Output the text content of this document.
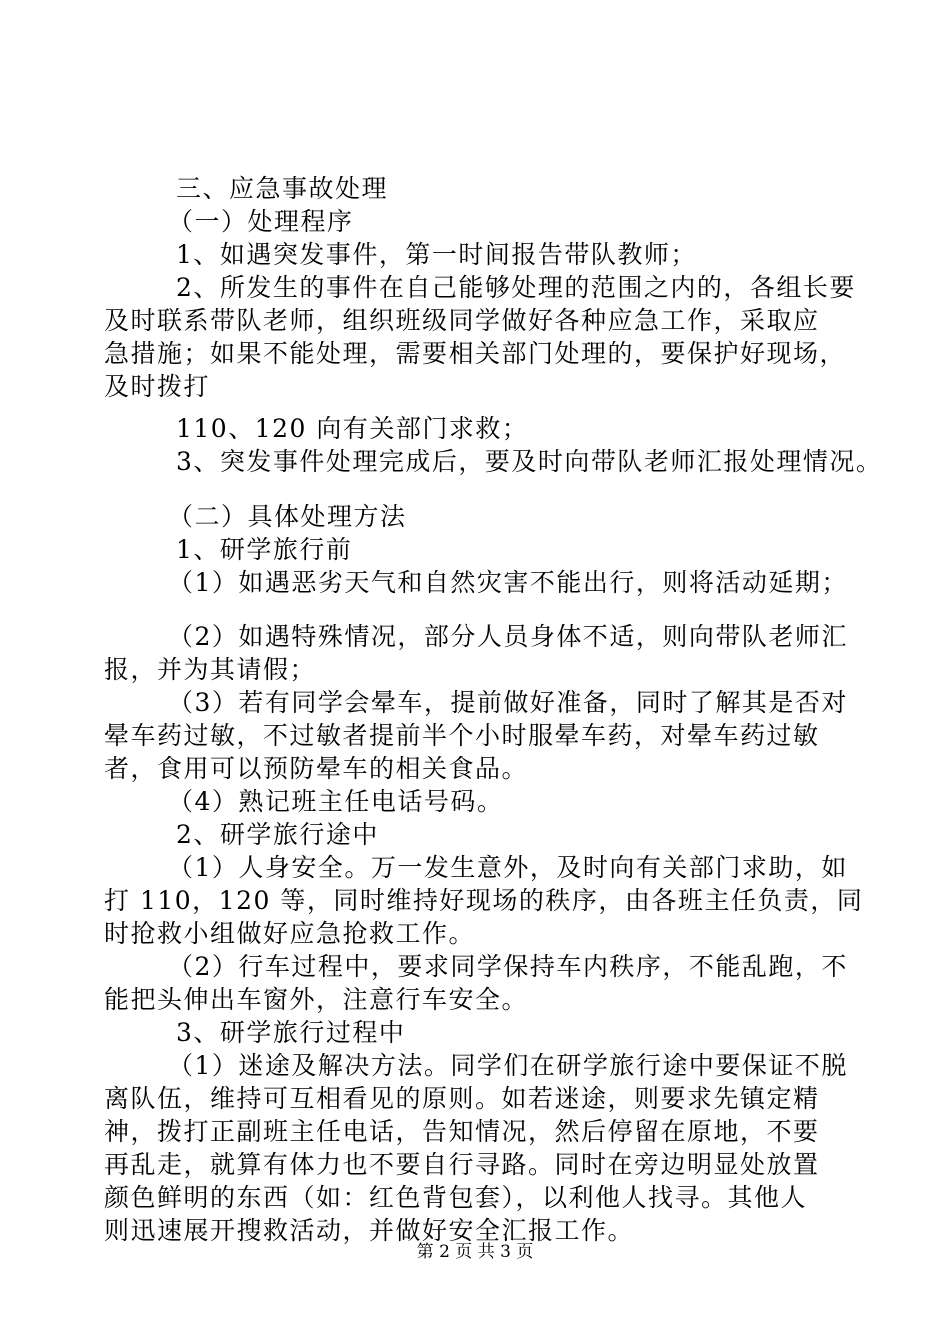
三、应急事故处理
（一）处理程序
1、如遇突发事件，第一时间报告带队教师；
2、所发生的事件在自己能够处理的范围之内的，各组长要
及时联系带队老师，组织班级同学做好各种应急工作，采取应
急措施；如果不能处理，需要相关部门处理的，要保护好现场，
及时拨打
110、120 向有关部门求救；
3、突发事件处理完成后，要及时向带队老师汇报处理情况。
（二）具体处理方法
1、研学旅行前
（1）如遇恶劣天气和自然灾害不能出行，则将活动延期；
（2）如遇特殊情况，部分人员身体不适，则向带队老师汇
报，并为其请假；
（3）若有同学会晕车，提前做好准备，同时了解其是否对
晕车药过敏，不过敏者提前半个小时服晕车药，对晕车药过敏
者，食用可以预防晕车的相关食品。
（4）熟记班主任电话号码。
2、研学旅行途中
（1）人身安全。万一发生意外，及时向有关部门求助，如
打 110，120 等，同时维持好现场的秩序，由各班主任负责，同
时抢救小组做好应急抢救工作。
（2）行车过程中，要求同学保持车内秩序，不能乱跑，不
能把头伸出车窗外，注意行车安全。
3、研学旅行过程中
（1）迷途及解决方法。同学们在研学旅行途中要保证不脱
离队伍，维持可互相看见的原则。如若迷途，则要求先镇定精
神，拨打正副班主任电话，告知情况，然后停留在原地，不要
再乱走，就算有体力也不要自行寻路。同时在旁边明显处放置
颜色鲜明的东西（如：红色背包套），以利他人找寻。其他人
则迅速展开搜救活动，并做好安全汇报工作。
第 2 页 共 3 页
